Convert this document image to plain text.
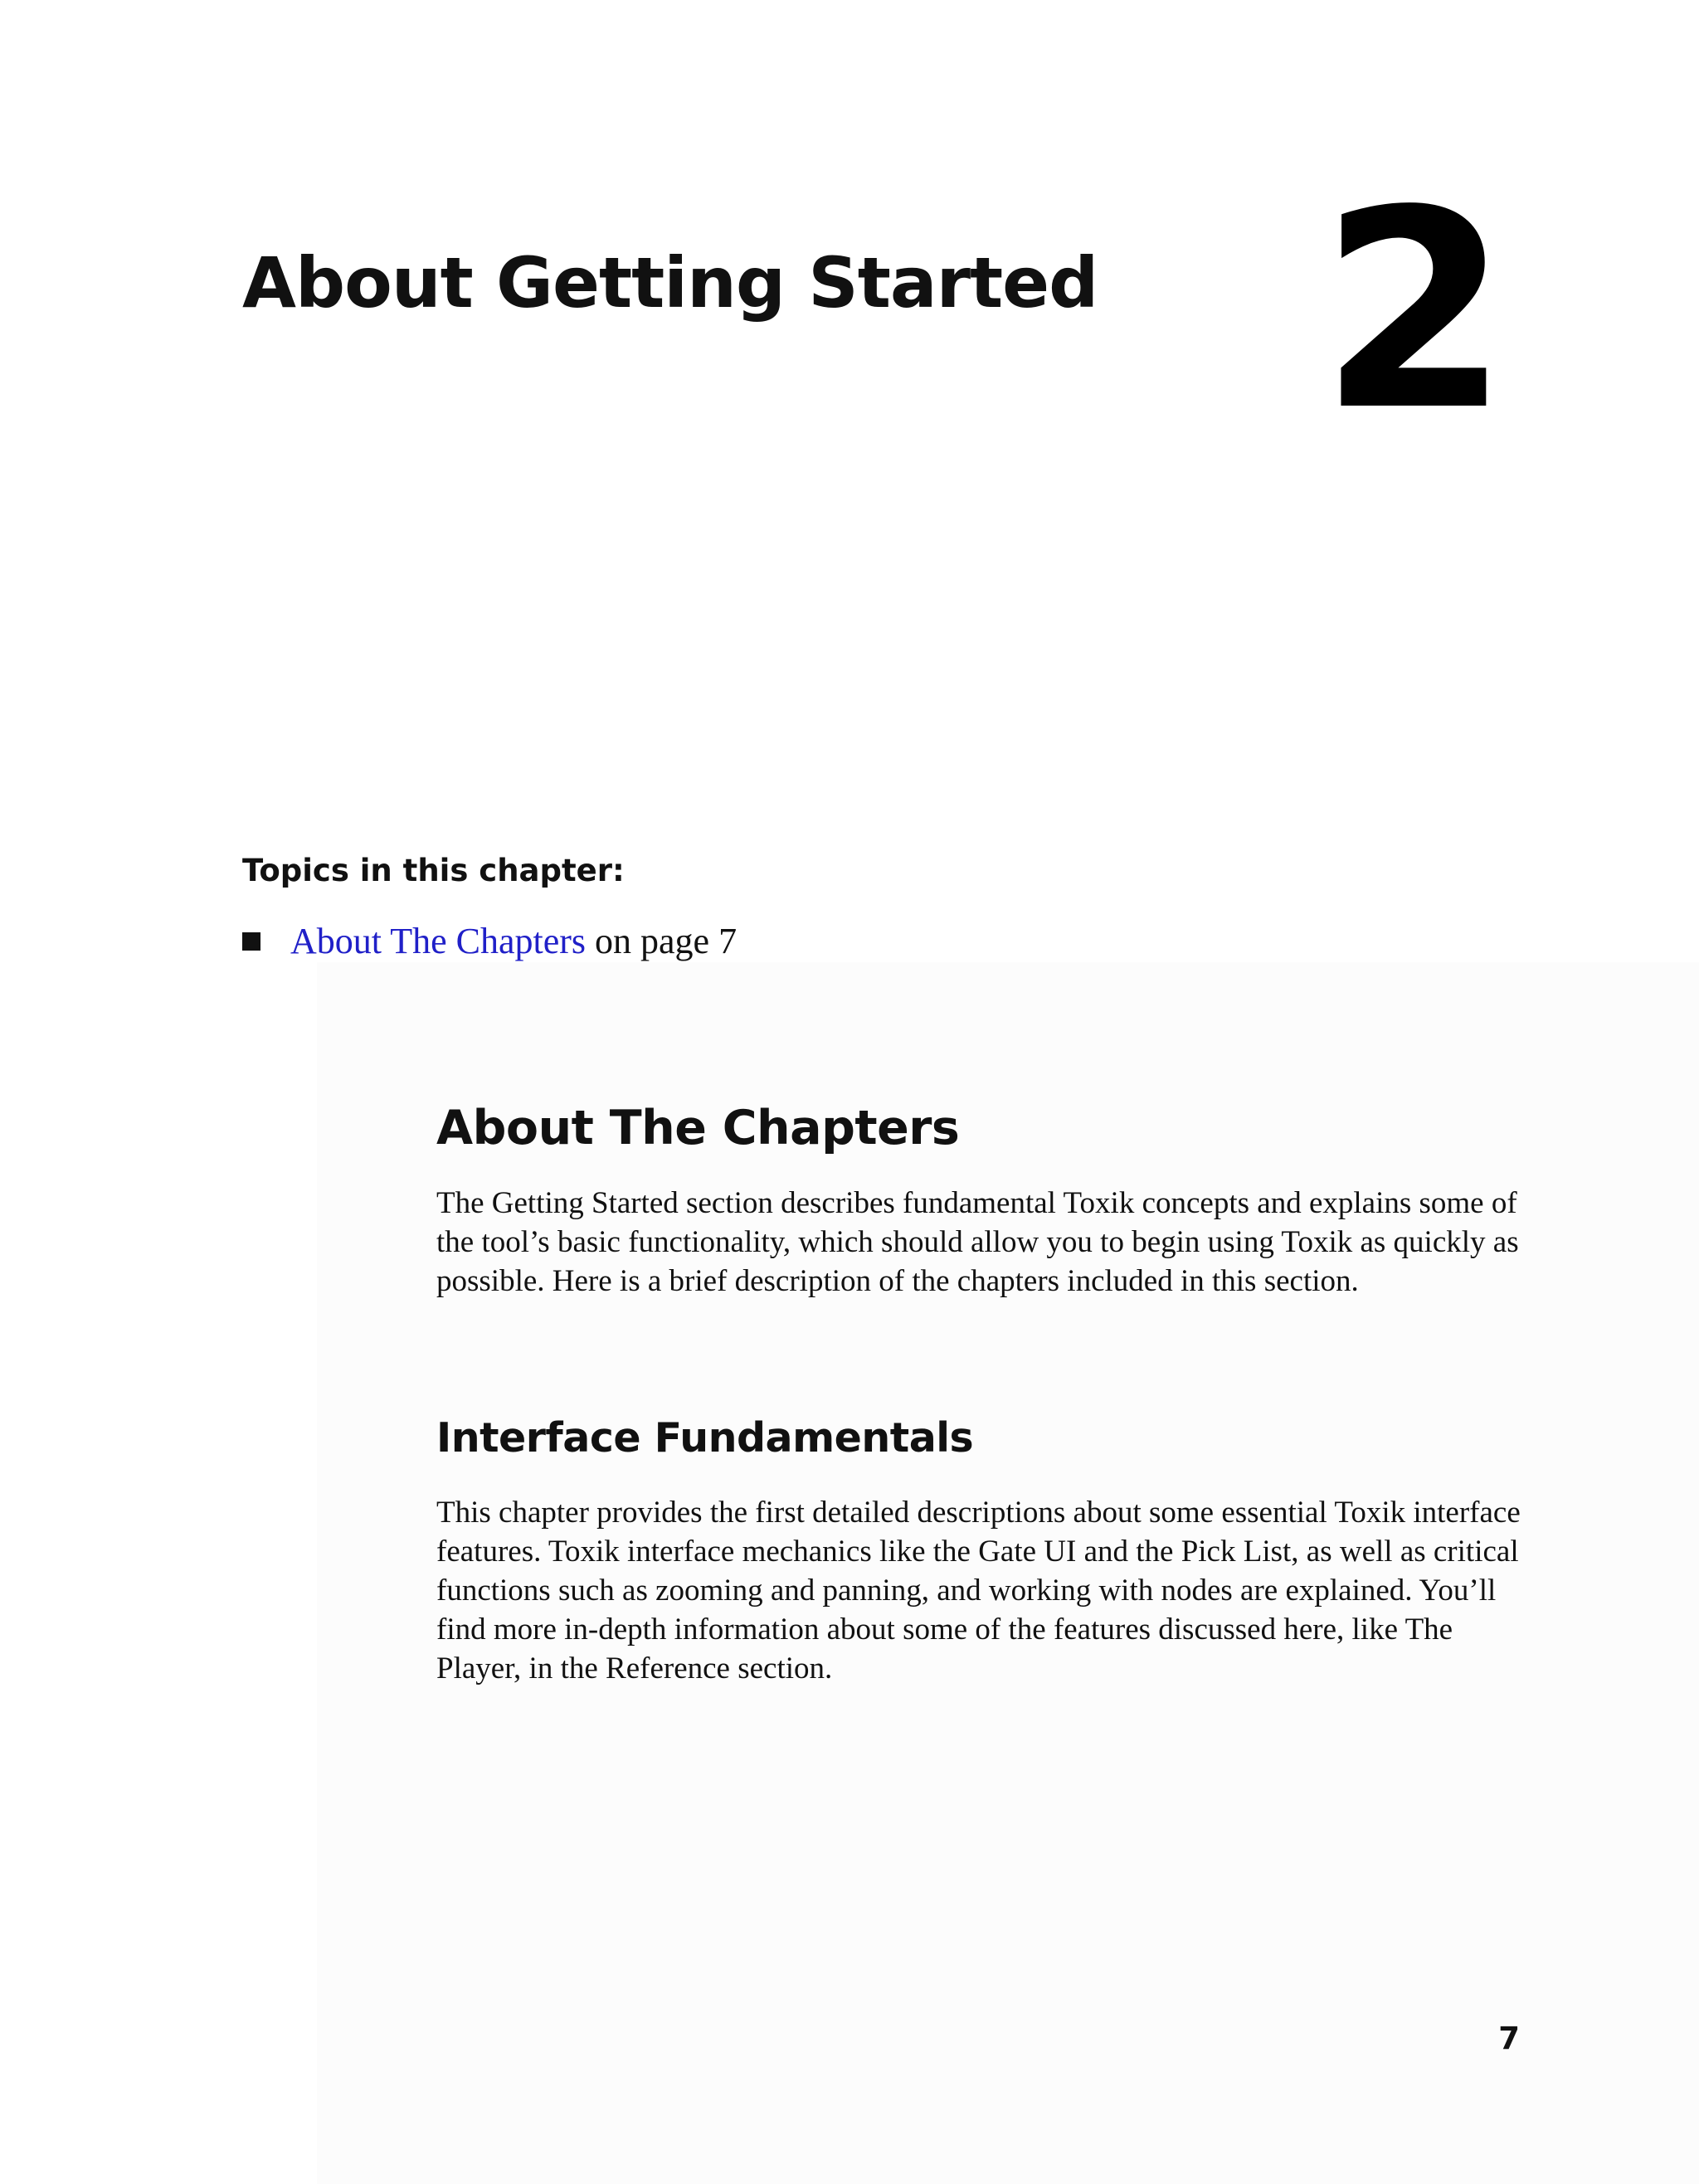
About Getting Started 2
Topics in this chapter:
About The Chapters on page 7
About The Chapters

The Getting Started section describes fundamental Toxik concepts and explains some of the tool’s basic functionality, which should allow you to begin using Toxik as quickly as possible. Here is a brief description of the chapters included in this section.

Interface Fundamentals

This chapter provides the first detailed descriptions about some essential Toxik interface features. Toxik interface mechanics like the Gate UI and the Pick List, as well as critical functions such as zooming and panning, and working with nodes are explained. You’ll find more in-depth information about some of the features discussed here, like The Player, in the Reference section.

7
